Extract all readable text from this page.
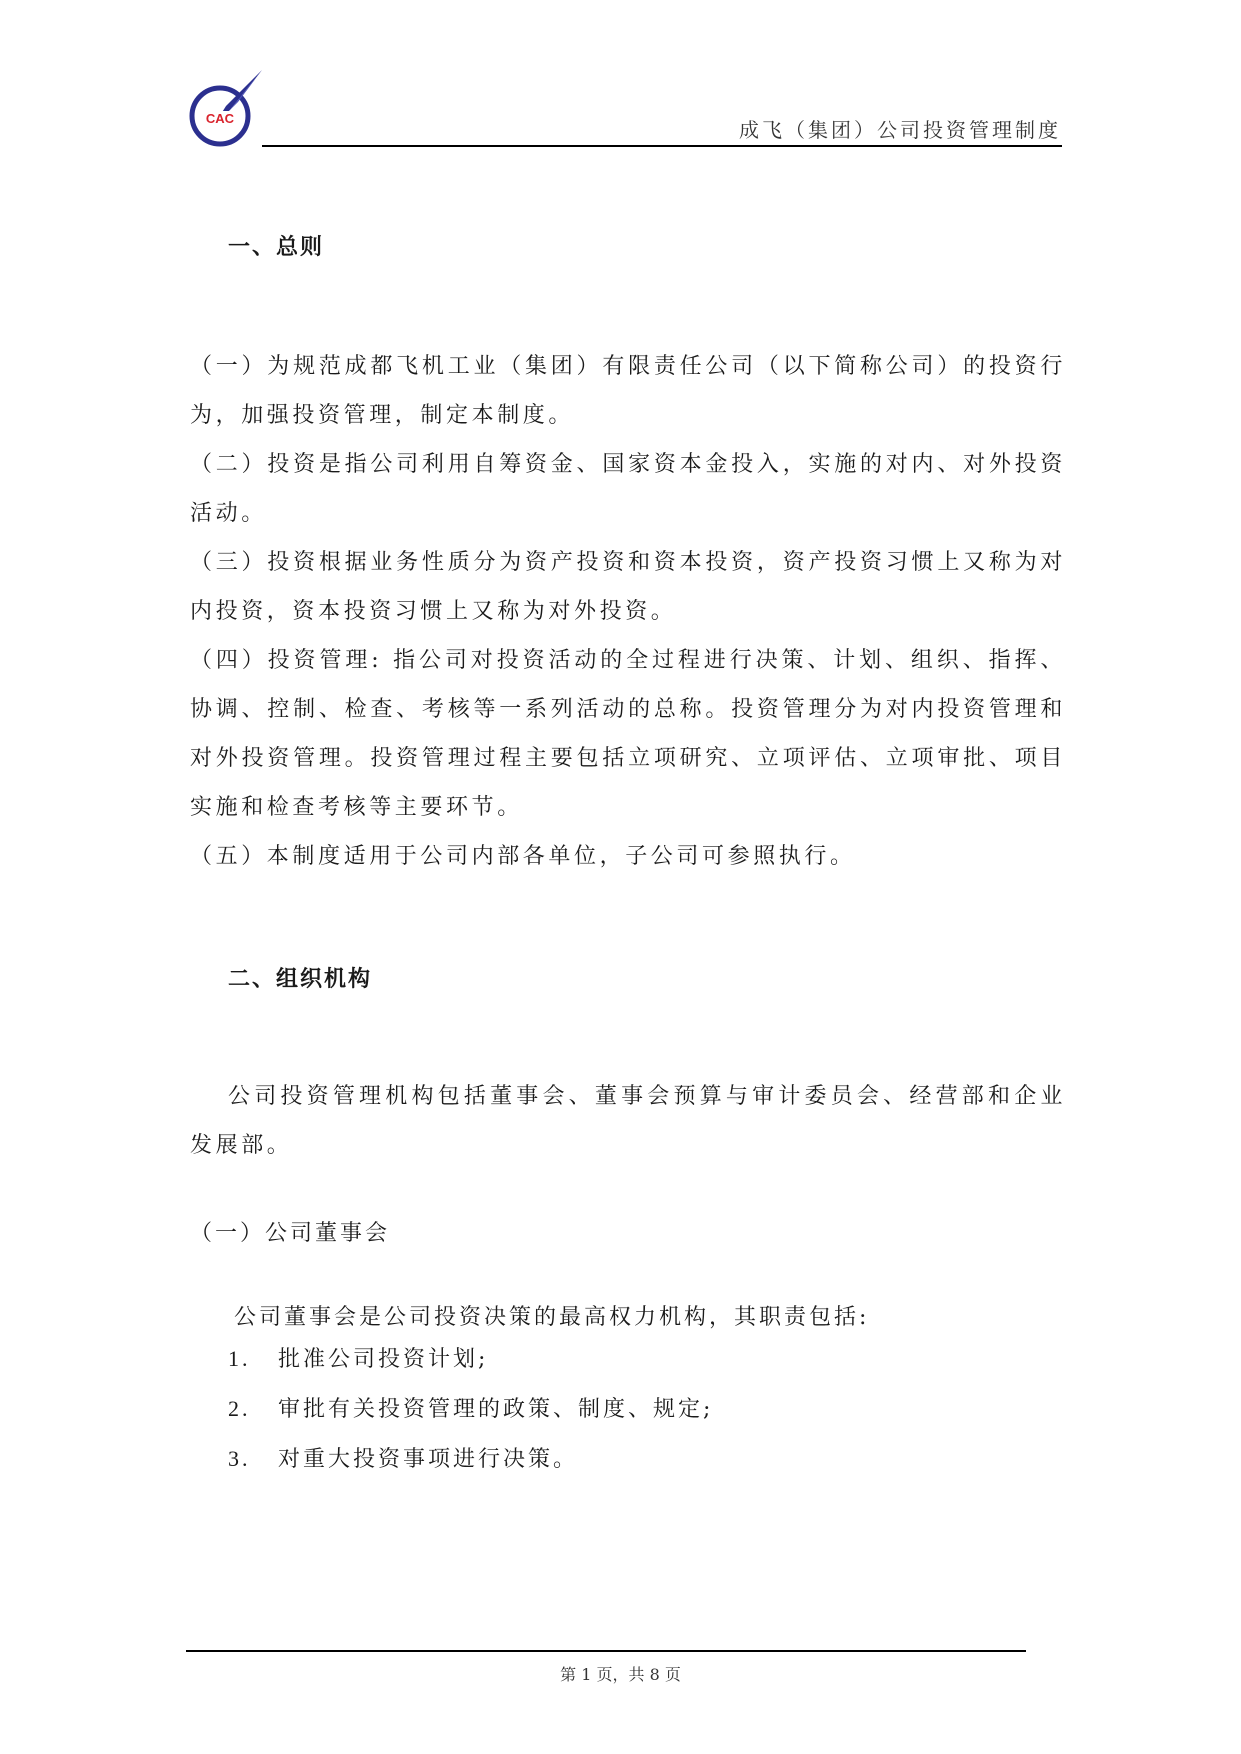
CAC	成飞（集团）公司投资管理制度
一、总则

（一）为规范成都飞机工业（集团）有限责任公司（以下简称公司）的投资行为，加强投资管理，制定本制度。

（二）投资是指公司利用自筹资金、国家资本金投入，实施的对内、对外投资活动。

（三）投资根据业务性质分为资产投资和资本投资，资产投资习惯上又称为对内投资，资本投资习惯上又称为对外投资。

（四）投资管理: 指公司对投资活动的全过程进行决策、计划、组织、指挥、协调、控制、检查、考核等一系列活动的总称。投资管理分为对内投资管理和对外投资管理。投资管理过程主要包括立项研究、立项评估、立项审批、项目实施和检查考核等主要环节。

（五）本制度适用于公司内部各单位，子公司可参照执行。

二、组织机构

公司投资管理机构包括董事会、董事会预算与审计委员会、经营部和企业发展部。

（一）公司董事会
公司董事会是公司投资决策的最高权力机构，其职责包括:
1. 批准公司投资计划;
2. 审批有关投资管理的政策、制度、规定;
3. 对重大投资事项进行决策。
第 1 页，共 8 页
